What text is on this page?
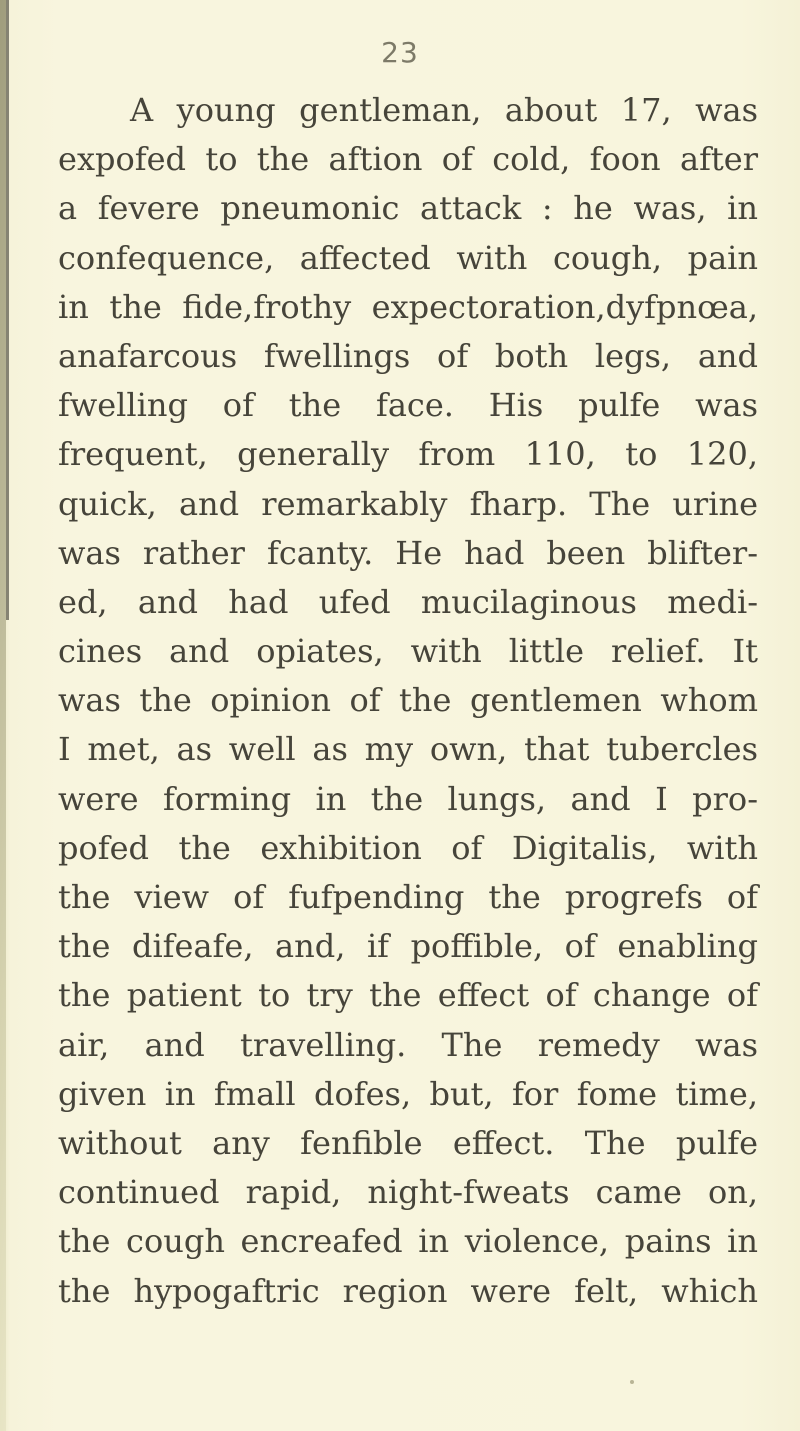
23
A young gentleman, about 17, was
expofed to the aftion of cold, foon after
a fevere pneumonic attack : he was, in
confequence, affected with cough, pain
in the fide,frothy expectoration,dyfpnœa,
anafarcous fwellings of both legs, and
fwelling of the face. His pulfe was
frequent, generally from 110, to 120,
quick, and remarkably fharp. The urine
was rather fcanty. He had been blifter-
ed, and had ufed mucilaginous medi-
cines and opiates, with little relief. It
was the opinion of the gentlemen whom
I met, as well as my own, that tubercles
were forming in the lungs, and I pro-
pofed the exhibition of Digitalis, with
the view of fufpending the progrefs of
the difeafe, and, if poffible, of enabling
the patient to try the effect of change of
air, and travelling. The remedy was
given in fmall dofes, but, for fome time,
without any fenfible effect. The pulfe
continued rapid, night-fweats came on,
the cough encreafed in violence, pains in
the hypogaftric region were felt, which
